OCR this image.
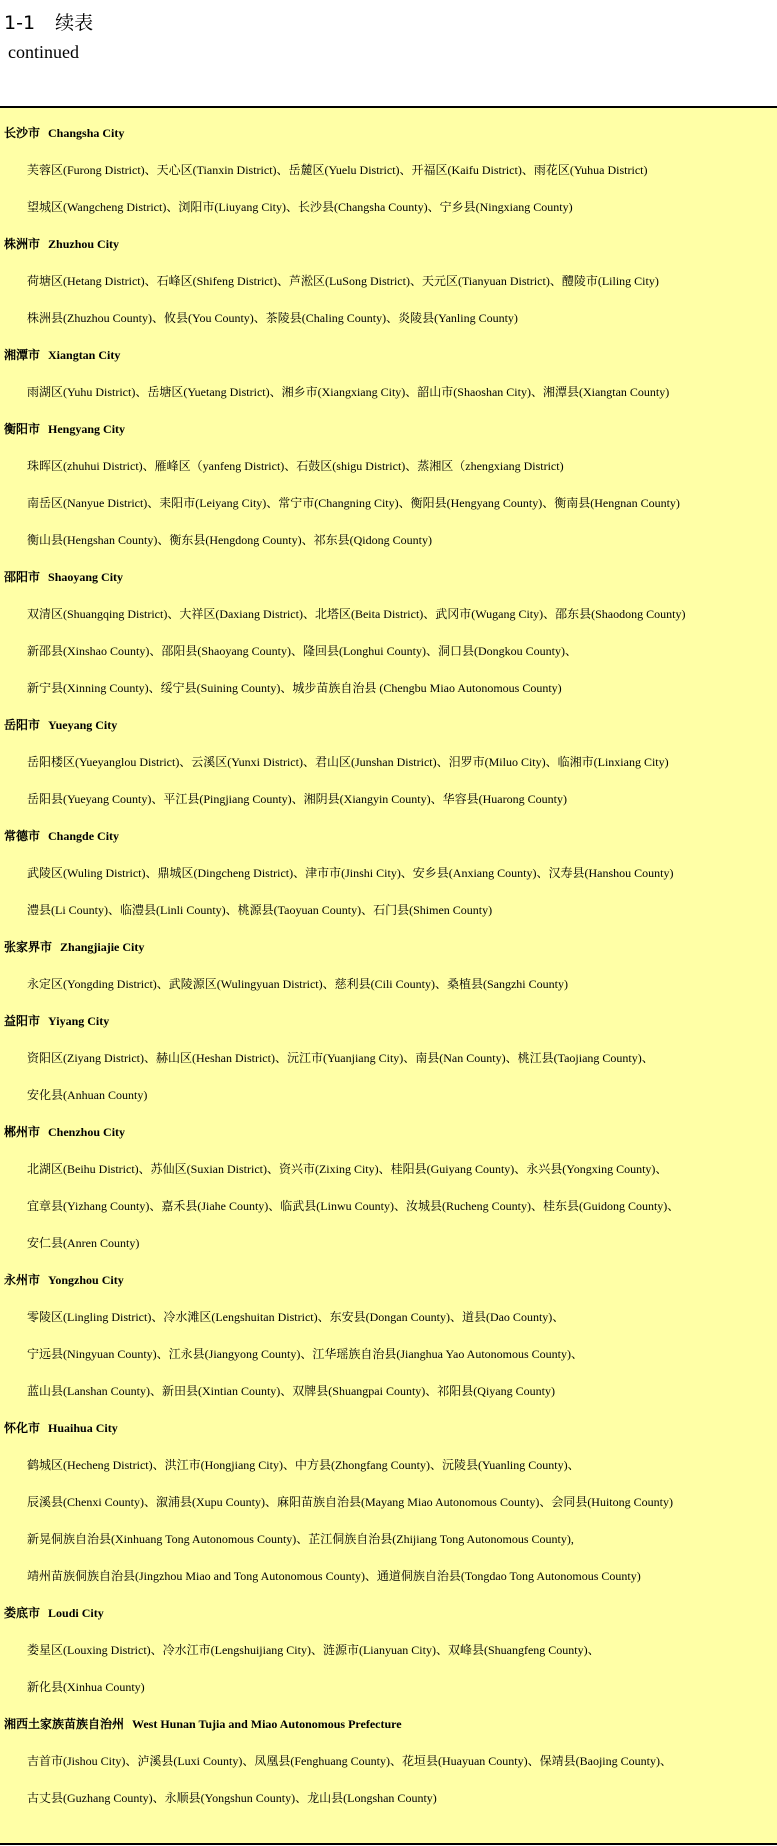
1-1 续表
continued
长沙市 Changsha City
芙蓉区(Furong District)、天心区(Tianxin District)、岳麓区(Yuelu District)、开福区(Kaifu District)、雨花区(Yuhua District)
望城区(Wangcheng District)、浏阳市(Liuyang City)、长沙县(Changsha County)、宁乡县(Ningxiang County)
株洲市 Zhuzhou City
荷塘区(Hetang District)、石峰区(Shifeng District)、芦淞区(LuSong District)、天元区(Tianyuan District)、醴陵市(Liling City)
株洲县(Zhuzhou County)、攸县(You County)、茶陵县(Chaling County)、炎陵县(Yanling County)
湘潭市 Xiangtan City
雨湖区(Yuhu District)、岳塘区(Yuetang District)、湘乡市(Xiangxiang City)、韶山市(Shaoshan City)、湘潭县(Xiangtan County)
衡阳市 Hengyang City
珠晖区(zhuhui District)、雁峰区（yanfeng District)、石鼓区(shigu District)、蒸湘区（zhengxiang District)
南岳区(Nanyue District)、耒阳市(Leiyang City)、常宁市(Changning City)、衡阳县(Hengyang County)、衡南县(Hengnan County)
衡山县(Hengshan County)、衡东县(Hengdong County)、祁东县(Qidong County)
邵阳市 Shaoyang City
双清区(Shuangqing District)、大祥区(Daxiang District)、北塔区(Beita District)、武冈市(Wugang City)、邵东县(Shaodong County)
新邵县(Xinshao County)、邵阳县(Shaoyang County)、隆回县(Longhui County)、洞口县(Dongkou County)、
新宁县(Xinning County)、绥宁县(Suining County)、城步苗族自治县 (Chengbu Miao Autonomous County)
岳阳市 Yueyang City
岳阳楼区(Yueyanglou District)、云溪区(Yunxi District)、君山区(Junshan District)、汨罗市(Miluo City)、临湘市(Linxiang City)
岳阳县(Yueyang County)、平江县(Pingjiang County)、湘阴县(Xiangyin County)、华容县(Huarong County)
常德市 Changde City
武陵区(Wuling District)、鼎城区(Dingcheng District)、津市市(Jinshi City)、安乡县(Anxiang County)、汉寿县(Hanshou County)
澧县(Li County)、临澧县(Linli County)、桃源县(Taoyuan County)、石门县(Shimen County)
张家界市 Zhangjiajie City
永定区(Yongding District)、武陵源区(Wulingyuan District)、慈利县(Cili County)、桑植县(Sangzhi County)
益阳市 Yiyang City
资阳区(Ziyang District)、赫山区(Heshan District)、沅江市(Yuanjiang City)、南县(Nan County)、桃江县(Taojiang County)、
安化县(Anhuan County)
郴州市 Chenzhou City
北湖区(Beihu District)、苏仙区(Suxian District)、资兴市(Zixing City)、桂阳县(Guiyang County)、永兴县(Yongxing County)、
宜章县(Yizhang County)、嘉禾县(Jiahe County)、临武县(Linwu County)、汝城县(Rucheng County)、桂东县(Guidong County)、
安仁县(Anren County)
永州市 Yongzhou City
零陵区(Lingling District)、冷水滩区(Lengshuitan District)、东安县(Dongan County)、道县(Dao County)、
宁远县(Ningyuan County)、江永县(Jiangyong County)、江华瑶族自治县(Jianghua Yao Autonomous County)、
蓝山县(Lanshan County)、新田县(Xintian County)、双牌县(Shuangpai County)、祁阳县(Qiyang County)
怀化市 Huaihua City
鹤城区(Hecheng District)、洪江市(Hongjiang City)、中方县(Zhongfang County)、沅陵县(Yuanling County)、
辰溪县(Chenxi County)、溆浦县(Xupu County)、麻阳苗族自治县(Mayang Miao Autonomous County)、会同县(Huitong County)
新晃侗族自治县(Xinhuang Tong Autonomous County)、芷江侗族自治县(Zhijiang Tong Autonomous County),
靖州苗族侗族自治县(Jingzhou Miao and Tong Autonomous County)、通道侗族自治县(Tongdao Tong Autonomous County)
娄底市 Loudi City
娄星区(Louxing District)、冷水江市(Lengshuijiang City)、涟源市(Lianyuan City)、双峰县(Shuangfeng County)、
新化县(Xinhua County)
湘西土家族苗族自治州 West Hunan Tujia and Miao Autonomous Prefecture
吉首市(Jishou City)、泸溪县(Luxi County)、凤凰县(Fenghuang County)、花垣县(Huayuan County)、保靖县(Baojing County)、
古丈县(Guzhang County)、永顺县(Yongshun County)、龙山县(Longshan County)
